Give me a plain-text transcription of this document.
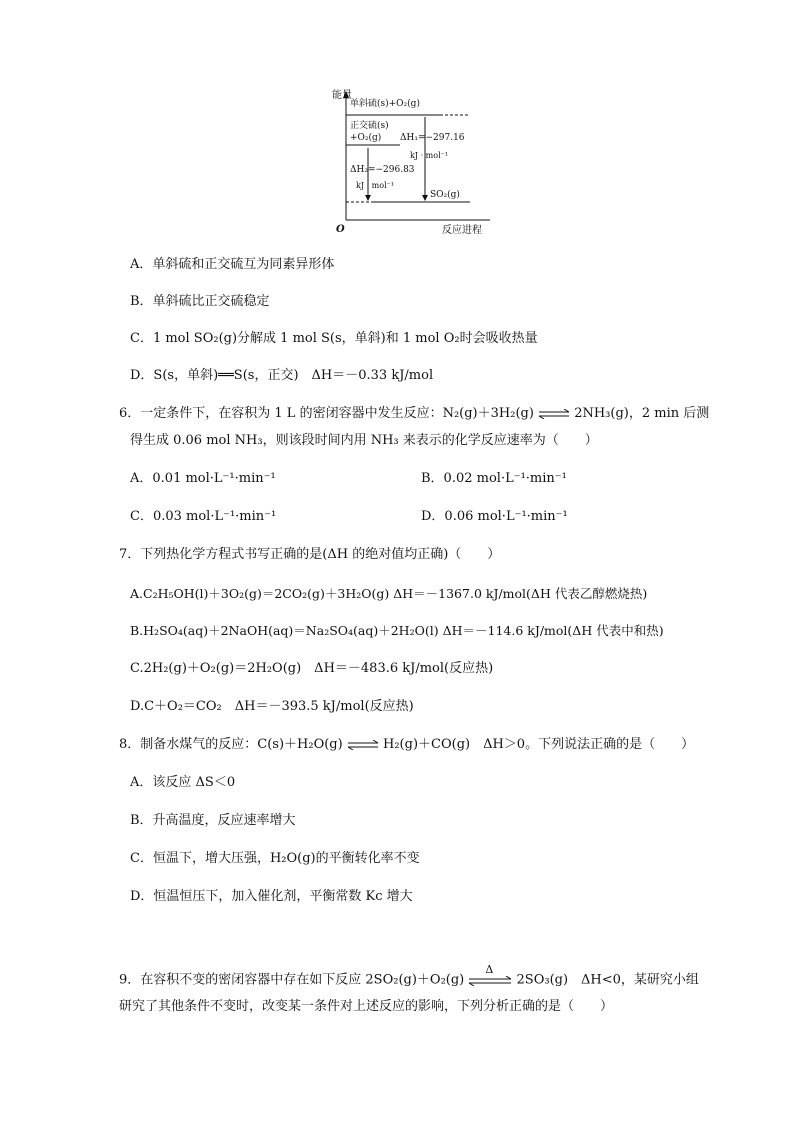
能量
O	反应进程
单斜硫(s)+O₂(g)
正交硫(s)
+O₂(g)
SO₂(g)
ΔH₁=−297.16
kJ · mol⁻¹
ΔH₂=−296.83
kJ · mol⁻¹
A．单斜硫和正交硫互为同素异形体
B．单斜硫比正交硫稳定
C．1 mol SO₂(g)分解成 1 mol S(s，单斜)和 1 mol O₂时会吸收热量
D．S(s，单斜)══S(s，正交)　ΔH＝－0.33 kJ/mol
6．一定条件下，在容积为 1 L 的密闭容器中发生反应：N₂(g)＋3H₂(g) ⇌ 2NH₃(g)，2 min 后测
得生成 0.06 mol NH₃，则该段时间内用 NH₃ 来表示的化学反应速率为（　　）
A．0.01 mol·L⁻¹·min⁻¹	B．0.02 mol·L⁻¹·min⁻¹
C．0.03 mol·L⁻¹·min⁻¹	D．0.06 mol·L⁻¹·min⁻¹
7．下列热化学方程式书写正确的是(ΔH 的绝对值均正确)（　　）
A.C₂H₅OH(l)＋3O₂(g)＝2CO₂(g)＋3H₂O(g) ΔH＝－1367.0 kJ/mol(ΔH 代表乙醇燃烧热)
B.H₂SO₄(aq)＋2NaOH(aq)＝Na₂SO₄(aq)＋2H₂O(l) ΔH＝－114.6 kJ/mol(ΔH 代表中和热)
C.2H₂(g)＋O₂(g)＝2H₂O(g)　ΔH＝－483.6 kJ/mol(反应热)
D.C＋O₂＝CO₂　ΔH＝－393.5 kJ/mol(反应热)
8．制备水煤气的反应：C(s)＋H₂O(g) ⇌ H₂(g)＋CO(g)　ΔH＞0。下列说法正确的是（　　）
A．该反应 ΔS＜0
B．升高温度，反应速率增大
C．恒温下，增大压强，H₂O(g)的平衡转化率不变
D．恒温恒压下，加入催化剂，平衡常数 Kc 增大
9．在容积不变的密闭容器中存在如下反应 2SO₂(g)＋O₂(g)
Δ
2SO₃(g)　ΔH<0，某研究小组
研究了其他条件不变时，改变某一条件对上述反应的影响，下列分析正确的是（　　）
